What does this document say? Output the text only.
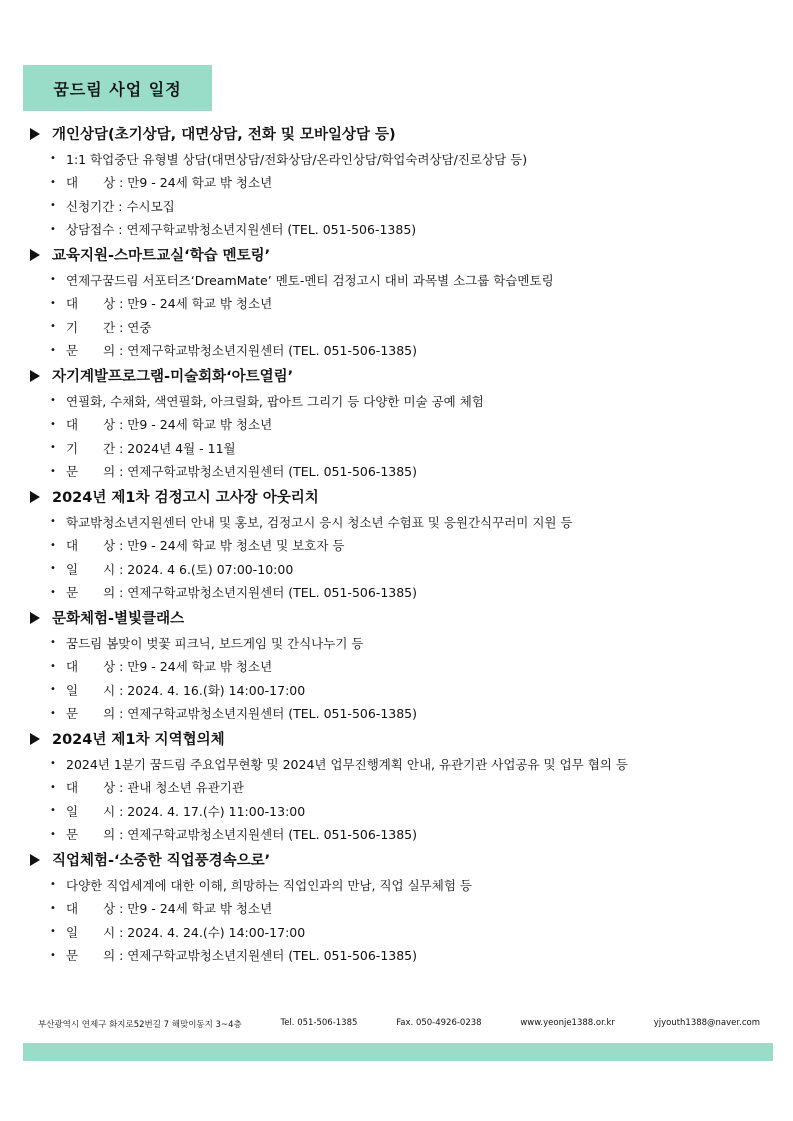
꿈드림 사업 일정
개인상담(초기상담, 대면상담, 전화 및 모바일상담 등)
• 1:1 학업중단 유형별 상담(대면상담/전화상담/온라인상담/학업숙려상담/진로상담 등)
• 대　　상 : 만9 - 24세 학교 밖 청소년
• 신청기간 : 수시모집
• 상담접수 : 연제구학교밖청소년지원센터 (TEL. 051-506-1385)
교육지원-스마트교실‘학습 멘토링’
• 연제구꿈드림 서포터즈‘DreamMate’ 멘토-멘티 검정고시 대비 과목별 소그룹 학습멘토링
• 대　　상 : 만9 - 24세 학교 밖 청소년
• 기　　간 : 연중
• 문　　의 : 연제구학교밖청소년지원센터 (TEL. 051-506-1385)
자기계발프로그램-미술회화‘아트열림’
• 연필화, 수채화, 색연필화, 아크릴화, 팝아트 그리기 등 다양한 미술 공예 체험
• 대　　상 : 만9 - 24세 학교 밖 청소년
• 기　　간 : 2024년 4월 - 11월
• 문　　의 : 연제구학교밖청소년지원센터 (TEL. 051-506-1385)
2024년 제1차 검정고시 고사장 아웃리치
• 학교밖청소년지원센터 안내 및 홍보, 검정고시 응시 청소년 수험표 및 응원간식꾸러미 지원 등
• 대　　상 : 만9 - 24세 학교 밖 청소년 및 보호자 등
• 일　　시 : 2024. 4 6.(토) 07:00-10:00
• 문　　의 : 연제구학교밖청소년지원센터 (TEL. 051-506-1385)
문화체험-별빛클래스
• 꿈드림 봄맞이 벚꽃 피크닉, 보드게임 및 간식나누기 등
• 대　　상 : 만9 - 24세 학교 밖 청소년
• 일　　시 : 2024. 4. 16.(화) 14:00-17:00
• 문　　의 : 연제구학교밖청소년지원센터 (TEL. 051-506-1385)
2024년 제1차 지역협의체
• 2024년 1분기 꿈드림 주요업무현황 및 2024년 업무진행계획 안내, 유관기관 사업공유 및 업무 협의 등
• 대　　상 : 관내 청소년 유관기관
• 일　　시 : 2024. 4. 17.(수) 11:00-13:00
• 문　　의 : 연제구학교밖청소년지원센터 (TEL. 051-506-1385)
직업체험-‘소중한 직업풍경속으로’
• 다양한 직업세계에 대한 이해, 희망하는 직업인과의 만남, 직업 실무체험 등
• 대　　상 : 만9 - 24세 학교 밖 청소년
• 일　　시 : 2024. 4. 24.(수) 14:00-17:00
• 문　　의 : 연제구학교밖청소년지원센터 (TEL. 051-506-1385)
부산광역시 연제구 화지로52번길 7 해맞이동지 3~4층	Tel. 051-506-1385	Fax. 050-4926-0238	www.yeonje1388.or.kr	yjyouth1388@naver.com
